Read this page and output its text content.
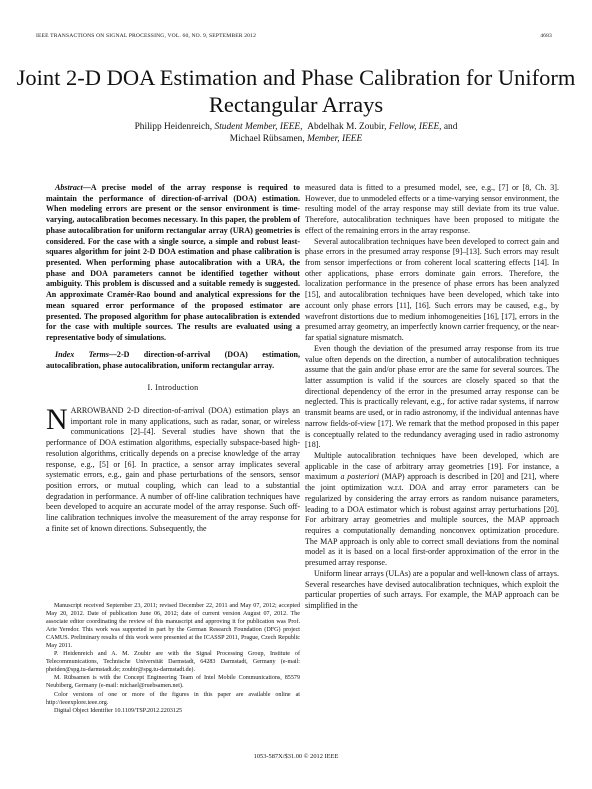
IEEE TRANSACTIONS ON SIGNAL PROCESSING, VOL. 60, NO. 9, SEPTEMBER 2012	4683
Joint 2-D DOA Estimation and Phase Calibration for Uniform Rectangular Arrays
Philipp Heidenreich, Student Member, IEEE, Abdelhak M. Zoubir, Fellow, IEEE, and
Michael Rübsamen, Member, IEEE

Abstract—A precise model of the array response is required to maintain the performance of direction-of-arrival (DOA) estimation. When modeling errors are present or the sensor environment is time-varying, autocalibration becomes necessary. In this paper, the problem of phase autocalibration for uniform rectangular array (URA) geometries is considered. For the case with a single source, a simple and robust least-squares algorithm for joint 2-D DOA estimation and phase calibration is presented. When performing phase autocalibration with a URA, the phase and DOA parameters cannot be identified together without ambiguity. This problem is discussed and a suitable remedy is suggested. An approximate Cramér-Rao bound and analytical expressions for the mean squared error performance of the proposed estimator are presented. The proposed algorithm for phase autocalibration is extended for the case with multiple sources. The results are evaluated using a representative body of simulations.

Index Terms—2-D direction-of-arrival (DOA) estimation, autocalibration, phase autocalibration, uniform rectangular array.

I. Introduction

NARROWBAND 2-D direction-of-arrival (DOA) estimation plays an important role in many applications, such as radar, sonar, or wireless communications [2]–[4]. Several studies have shown that the performance of DOA estimation algorithms, especially subspace-based high-resolution algorithms, critically depends on a precise knowledge of the array response, e.g., [5] or [6]. In practice, a sensor array implicates several systematic errors, e.g., gain and phase perturbations of the sensors, sensor position errors, or mutual coupling, which can lead to a substantial degradation in performance. A number of off-line calibration techniques have been developed to acquire an accurate model of the array response. Such off-line calibration techniques involve the measurement of the array response for a finite set of known directions. Subsequently, the

Manuscript received September 23, 2011; revised December 22, 2011 and May 07, 2012; accepted May 20, 2012. Date of publication June 06, 2012; date of current version August 07, 2012. The associate editor coordinating the review of this manuscript and approving it for publication was Prof. Arie Yeredor. This work was supported in part by the German Research Foundation (DFG) project CAMUS. Preliminary results of this work were presented at the ICASSP 2011, Prague, Czech Republic May 2011.

P. Heidenreich and A. M. Zoubir are with the Signal Processing Group, Institute of Telecommunications, Technische Universität Darmstadt, 64283 Darmstadt, Germany (e-mail: pheiden@spg.tu-darmstadt.de; zoubir@spg.tu-darmstadt.de).

M. Rübsamen is with the Concept Engineering Team of Intel Mobile Communications, 85579 Neubiberg, Germany (e-mail: michael@ruebsamen.net).

Color versions of one or more of the figures in this paper are available online at http://ieeexplore.ieee.org.

Digital Object Identifier 10.1109/TSP.2012.2203125

measured data is fitted to a presumed model, see, e.g., [7] or [8, Ch. 3]. However, due to unmodeled effects or a time-varying sensor environment, the resulting model of the array response may still deviate from its true value. Therefore, autocalibration techniques have been proposed to mitigate the effect of the remaining errors in the array response.

Several autocalibration techniques have been developed to correct gain and phase errors in the presumed array response [9]–[13]. Such errors may result from sensor imperfections or from coherent local scattering effects [14]. In other applications, phase errors dominate gain errors. Therefore, the localization performance in the presence of phase errors has been analyzed [15], and autocalibration techniques have been developed, which take into account only phase errors [11], [16]. Such errors may be caused, e.g., by wavefront distortions due to medium inhomogeneities [16], [17], errors in the presumed array geometry, an imperfectly known carrier frequency, or the near-far spatial signature mismatch.

Even though the deviation of the presumed array response from its true value often depends on the direction, a number of autocalibration techniques assume that the gain and/or phase error are the same for several sources. The latter assumption is valid if the sources are closely spaced so that the directional dependency of the error in the presumed array response can be neglected. This is practically relevant, e.g., for active radar systems, if narrow transmit beams are used, or in radio astronomy, if the individual antennas have narrow fields-of-view [17]. We remark that the method proposed in this paper is conceptually related to the redundancy averaging used in radio astronomy [18].

Multiple autocalibration techniques have been developed, which are applicable in the case of arbitrary array geometries [19]. For instance, a maximum a posteriori (MAP) approach is described in [20] and [21], where the joint optimization w.r.t. DOA and array error parameters can be regularized by considering the array errors as random nuisance parameters, leading to a DOA estimator which is robust against array perturbations [20]. For arbitrary array geometries and multiple sources, the MAP approach requires a computationally demanding nonconvex optimization procedure. The MAP approach is only able to correct small deviations from the nominal model as it is based on a local first-order approximation of the error in the presumed array response.

Uniform linear arrays (ULAs) are a popular and well-known class of arrays. Several researches have devised autocalibration techniques, which exploit the particular properties of such arrays. For example, the MAP approach can be simplified in the

1053-587X/$31.00 © 2012 IEEE
